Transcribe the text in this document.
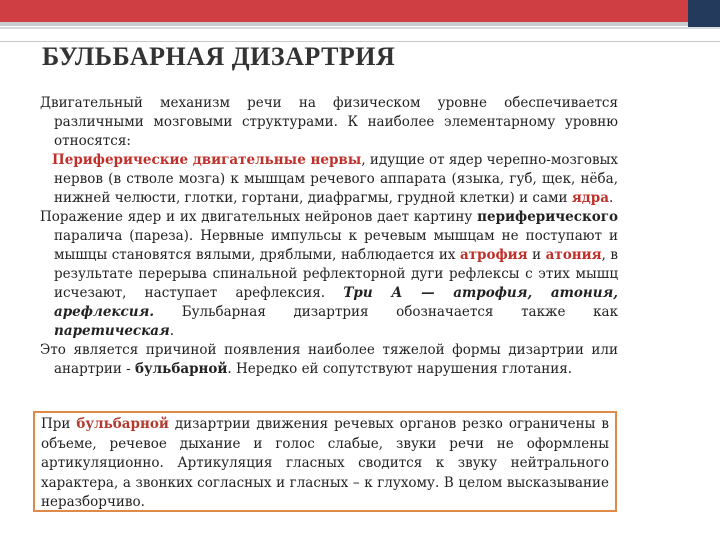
БУЛЬБАРНАЯ ДИЗАРТРИЯ

Двигательный механизм речи на физическом уровне обеспечивается различными мозговыми структурами. К наиболее элементарному уровню относятся:

Периферические двигательные нервы, идущие от ядер черепно-мозговых нервов (в стволе мозга) к мышцам речевого аппарата (языка, губ, щек, нёба, нижней челюсти, глотки, гортани, диафрагмы, грудной клетки) и сами ядра.

Поражение ядер и их двигательных нейронов дает картину периферического паралича (пареза). Нервные импульсы к речевым мышцам не поступают и мышцы становятся вялыми, дряблыми, наблюдается их атрофия и атония, в результате перерыва спинальной рефлекторной дуги рефлексы с этих мышц исчезают, наступает арефлексия. Три А — атрофия, атония, арефлексия. Бульбарная дизартрия обозначается также как паретическая.

Это является причиной появления наиболее тяжелой формы дизартрии или анартрии - бульбарной. Нередко ей сопутствуют нарушения глотания.

При бульбарной дизартрии движения речевых органов резко ограничены в объеме, речевое дыхание и голос слабые, звуки речи не оформлены артикуляционно. Артикуляция гласных сводится к звуку нейтрального характера, а звонких согласных и гласных – к глухому. В целом высказывание неразборчиво.
